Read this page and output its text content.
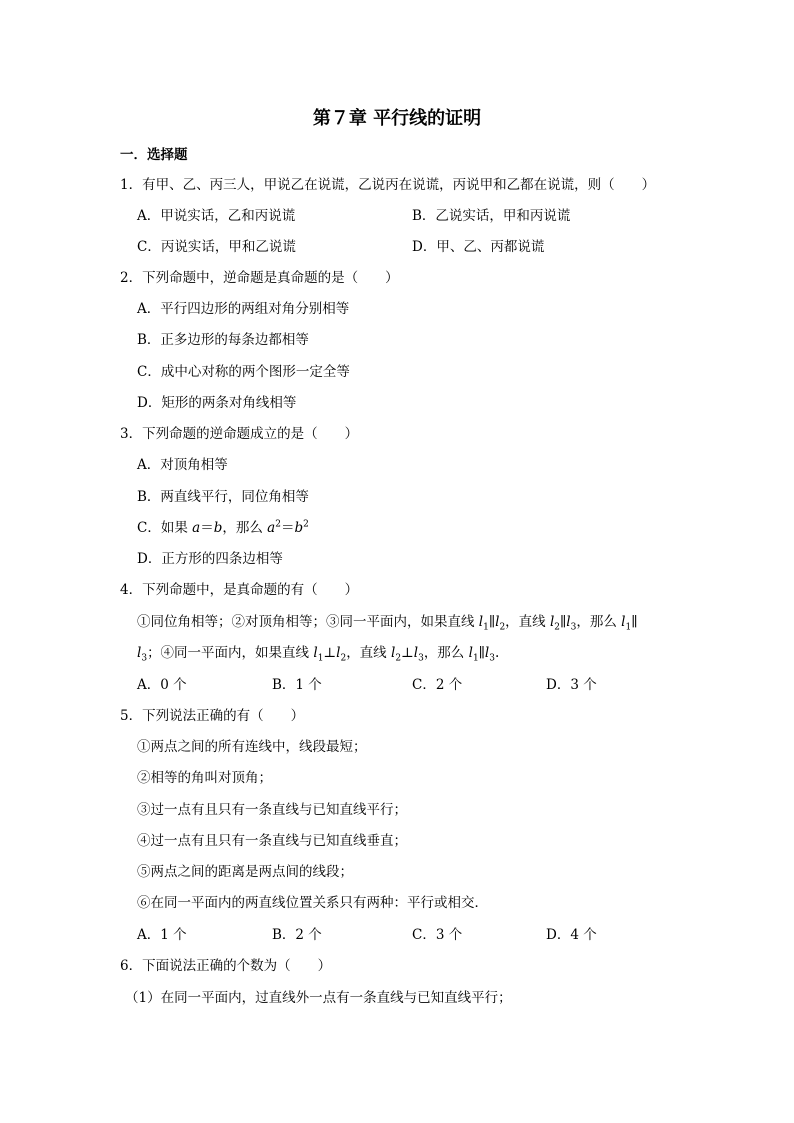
第７章 平行线的证明
一．选择题
1．有甲、乙、丙三人，甲说乙在说谎，乙说丙在说谎，丙说甲和乙都在说谎，则（　　）
A．甲说实话，乙和丙说谎	B．乙说实话，甲和丙说谎
C．丙说实话，甲和乙说谎	D．甲、乙、丙都说谎
2．下列命题中，逆命题是真命题的是（　　）
A．平行四边形的两组对角分别相等
B．正多边形的每条边都相等
C．成中心对称的两个图形一定全等
D．矩形的两条对角线相等
3．下列命题的逆命题成立的是（　　）
A．对顶角相等
B．两直线平行，同位角相等
C．如果 a＝b，那么 $a^2=b^2$
D．正方形的四条边相等
4．下列命题中，是真命题的有（　　）
①同位角相等；②对顶角相等；③同一平面内，如果直线 $l_1\parallel l_2$，直线 $l_2\parallel l_3$，那么 $l_1\parallel$
$l_3$；④同一平面内，如果直线 $l_1\perp l_2$，直线 $l_2\perp l_3$，那么 $l_1\parallel l_3$.
A．0 个	B．1 个	C．2 个	D．3 个
5．下列说法正确的有（　　）
①两点之间的所有连线中，线段最短；
②相等的角叫对顶角；
③过一点有且只有一条直线与已知直线平行；
④过一点有且只有一条直线与已知直线垂直；
⑤两点之间的距离是两点间的线段；
⑥在同一平面内的两直线位置关系只有两种：平行或相交．
A．1 个	B．2 个	C．3 个	D．4 个
6．下面说法正确的个数为（　　）
（1）在同一平面内，过直线外一点有一条直线与已知直线平行；
